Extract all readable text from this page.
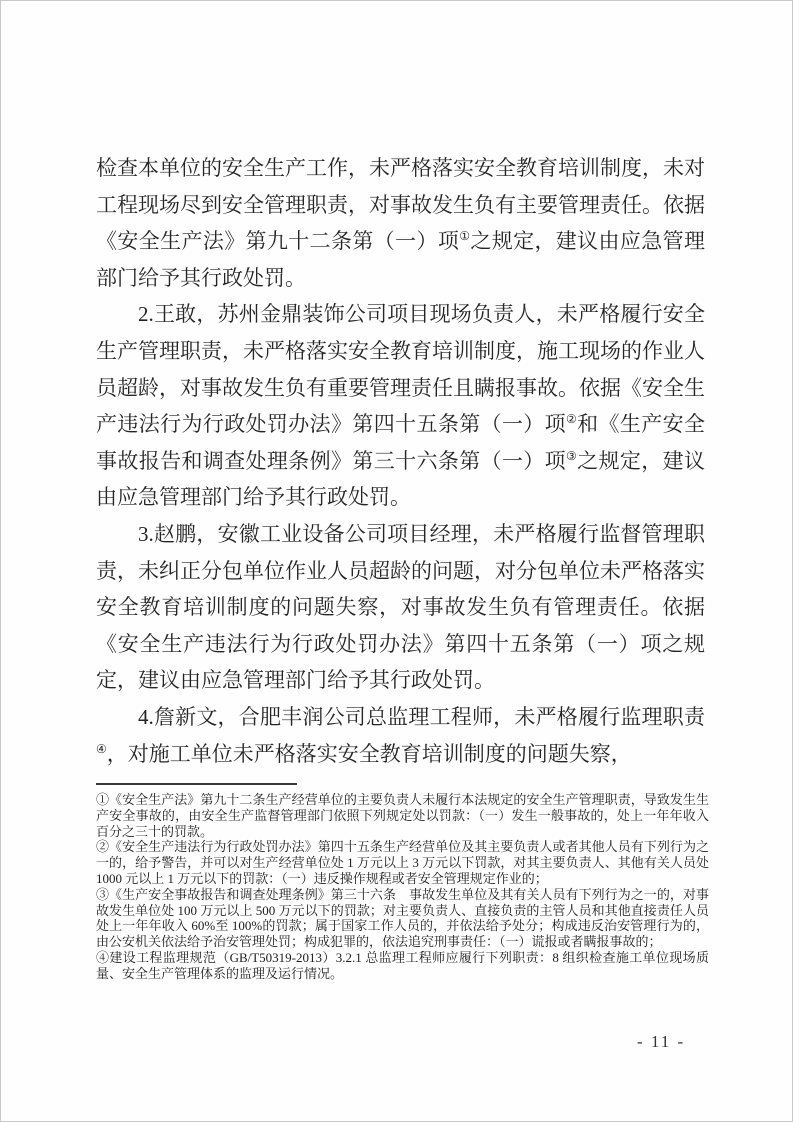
检查本单位的安全生产工作，未严格落实安全教育培训制度，未对工程现场尽到安全管理职责，对事故发生负有主要管理责任。依据《安全生产法》第九十二条第（一）项①之规定，建议由应急管理部门给予其行政处罚。

2.王敢，苏州金鼎装饰公司项目现场负责人，未严格履行安全生产管理职责，未严格落实安全教育培训制度，施工现场的作业人员超龄，对事故发生负有重要管理责任且瞒报事故。依据《安全生产违法行为行政处罚办法》第四十五条第（一）项②和《生产安全事故报告和调查处理条例》第三十六条第（一）项③之规定，建议由应急管理部门给予其行政处罚。

3.赵鹏，安徽工业设备公司项目经理，未严格履行监督管理职责，未纠正分包单位作业人员超龄的问题，对分包单位未严格落实安全教育培训制度的问题失察，对事故发生负有管理责任。依据《安全生产违法行为行政处罚办法》第四十五条第（一）项之规定，建议由应急管理部门给予其行政处罚。

4.詹新文，合肥丰润公司总监理工程师，未严格履行监理职责④，对施工单位未严格落实安全教育培训制度的问题失察，

①《安全生产法》第九十二条生产经营单位的主要负责人未履行本法规定的安全生产管理职责，导致发生生产安全事故的，由安全生产监督管理部门依照下列规定处以罚款：（一）发生一般事故的，处上一年年收入百分之三十的罚款。

②《安全生产违法行为行政处罚办法》第四十五条生产经营单位及其主要负责人或者其他人员有下列行为之一的，给予警告，并可以对生产经营单位处 1 万元以上 3 万元以下罚款，对其主要负责人、其他有关人员处 1000 元以上 1 万元以下的罚款：（一）违反操作规程或者安全管理规定作业的；

③《生产安全事故报告和调查处理条例》第三十六条　事故发生单位及其有关人员有下列行为之一的，对事故发生单位处 100 万元以上 500 万元以下的罚款；对主要负责人、直接负责的主管人员和其他直接责任人员处上一年年收入 60%至 100%的罚款；属于国家工作人员的，并依法给予处分；构成违反治安管理行为的，由公安机关依法给予治安管理处罚；构成犯罪的，依法追究刑事责任：（一）谎报或者瞒报事故的；

④建设工程监理规范（GB/T50319-2013）3.2.1 总监理工程师应履行下列职责：8 组织检查施工单位现场质量、安全生产管理体系的监理及运行情况。

- 11 -
